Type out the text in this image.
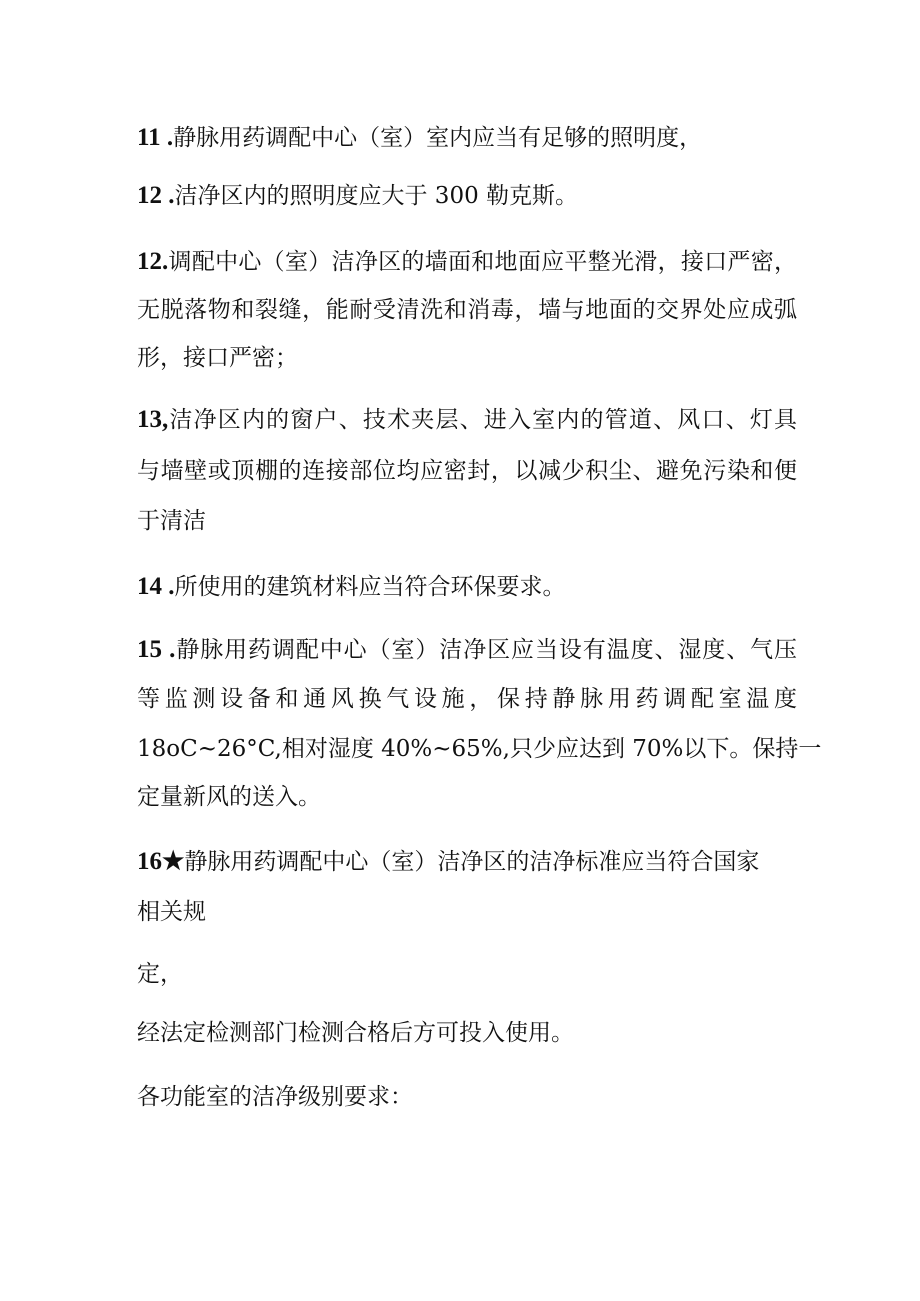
11 .静脉用药调配中心（室）室内应当有足够的照明度，
12 .洁净区内的照明度应大于 300 勒克斯。
12.调配中心（室）洁净区的墙面和地面应平整光滑，接口严密，
无脱落物和裂缝，能耐受清洗和消毒，墙与地面的交界处应成弧
形，接口严密；
13,洁净区内的窗户、技术夹层、进入室内的管道、风口、灯具
与墙壁或顶棚的连接部位均应密封，以减少积尘、避免污染和便
于清洁
14 .所使用的建筑材料应当符合环保要求。
15 .静脉用药调配中心（室）洁净区应当设有温度、湿度、气压
等监测设备和通风换气设施，保持静脉用药调配室温度
18oC~26°C,相对湿度 40%~65%,只少应达到 70%以下。保持一
定量新风的送入。
16★静脉用药调配中心（室）洁净区的洁净标准应当符合国家
相关规
定，
经法定检测部门检测合格后方可投入使用。
各功能室的洁净级别要求：
